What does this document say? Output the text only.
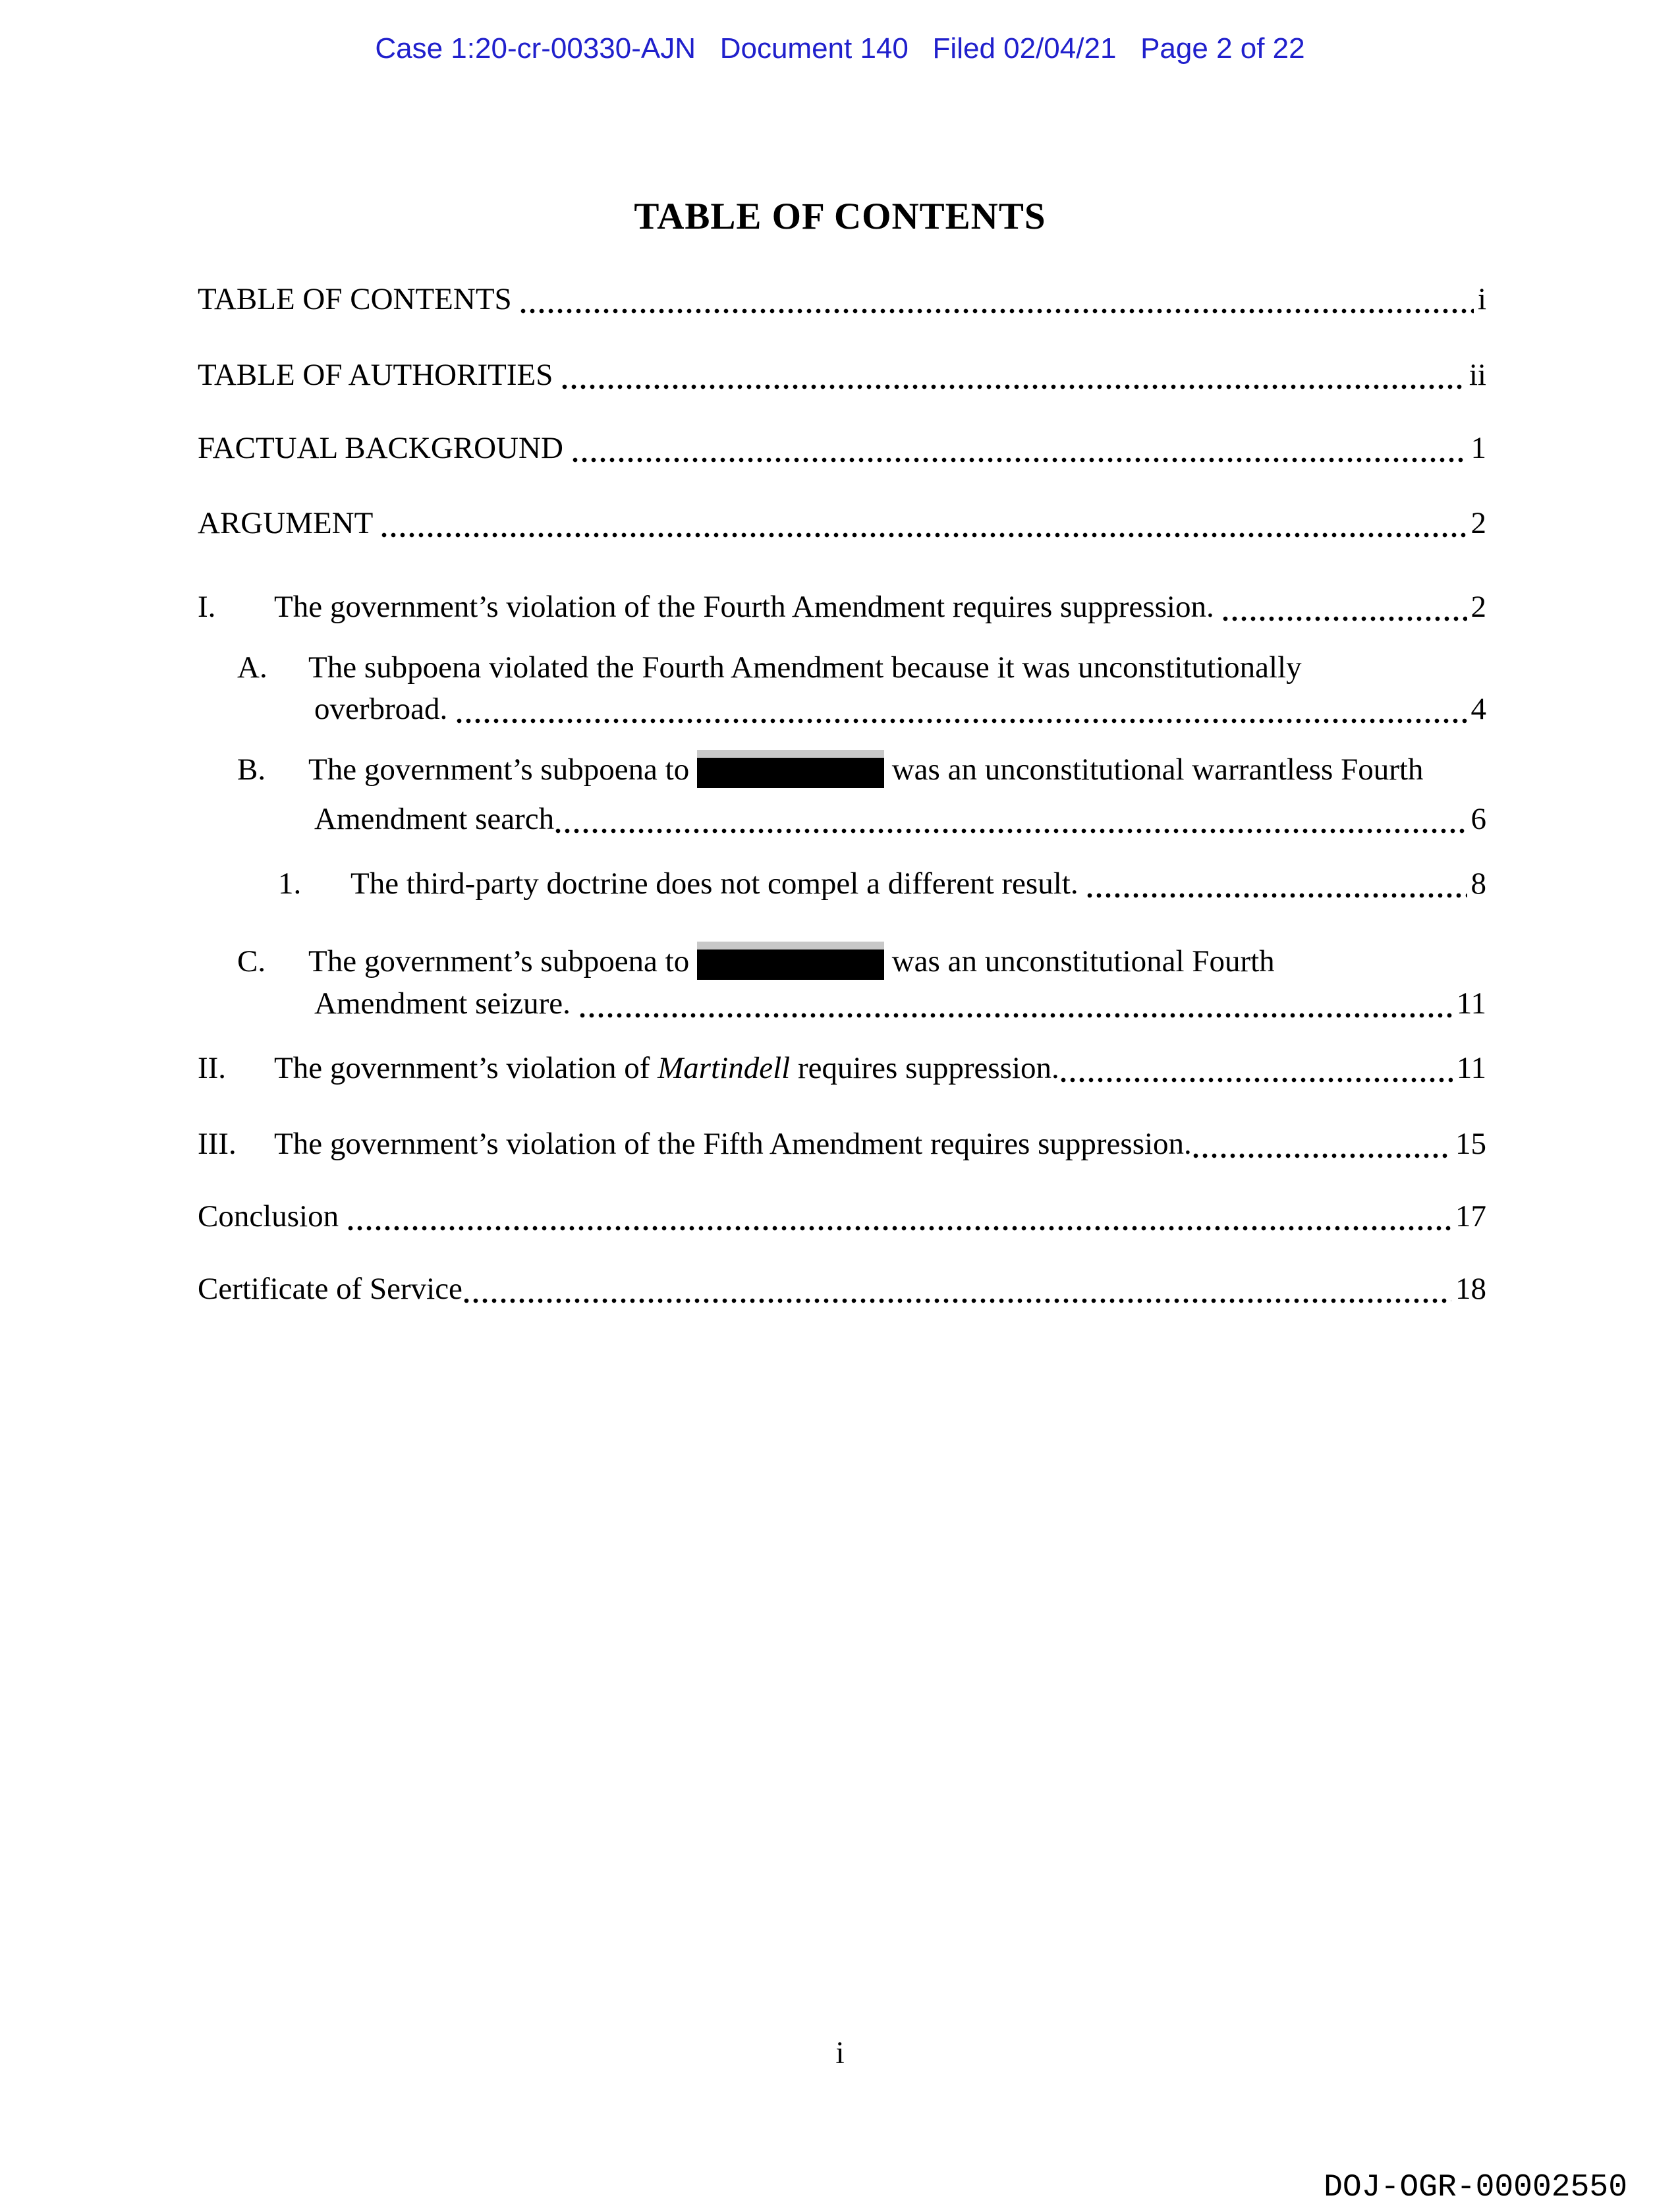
Case 1:20-cr-00330-AJN   Document 140   Filed 02/04/21   Page 2 of 22
TABLE OF CONTENTS
TABLE OF CONTENTS	i
TABLE OF AUTHORITIES	ii
FACTUAL BACKGROUND	1
ARGUMENT	2
I.	The government’s violation of the Fourth Amendment requires suppression.	2
A.	The subpoena violated the Fourth Amendment because it was unconstitutionally
overbroad.	4
B.	The government’s subpoena to	was an unconstitutional warrantless Fourth
Amendment search	6
1.	The third-party doctrine does not compel a different result.	8
C.	The government’s subpoena to	was an unconstitutional Fourth
Amendment seizure.	11
II.	The government’s violation of Martindell requires suppression.	11
III.	The government’s violation of the Fifth Amendment requires suppression.	15
Conclusion	17
Certificate of Service	18
i
DOJ-OGR-00002550
